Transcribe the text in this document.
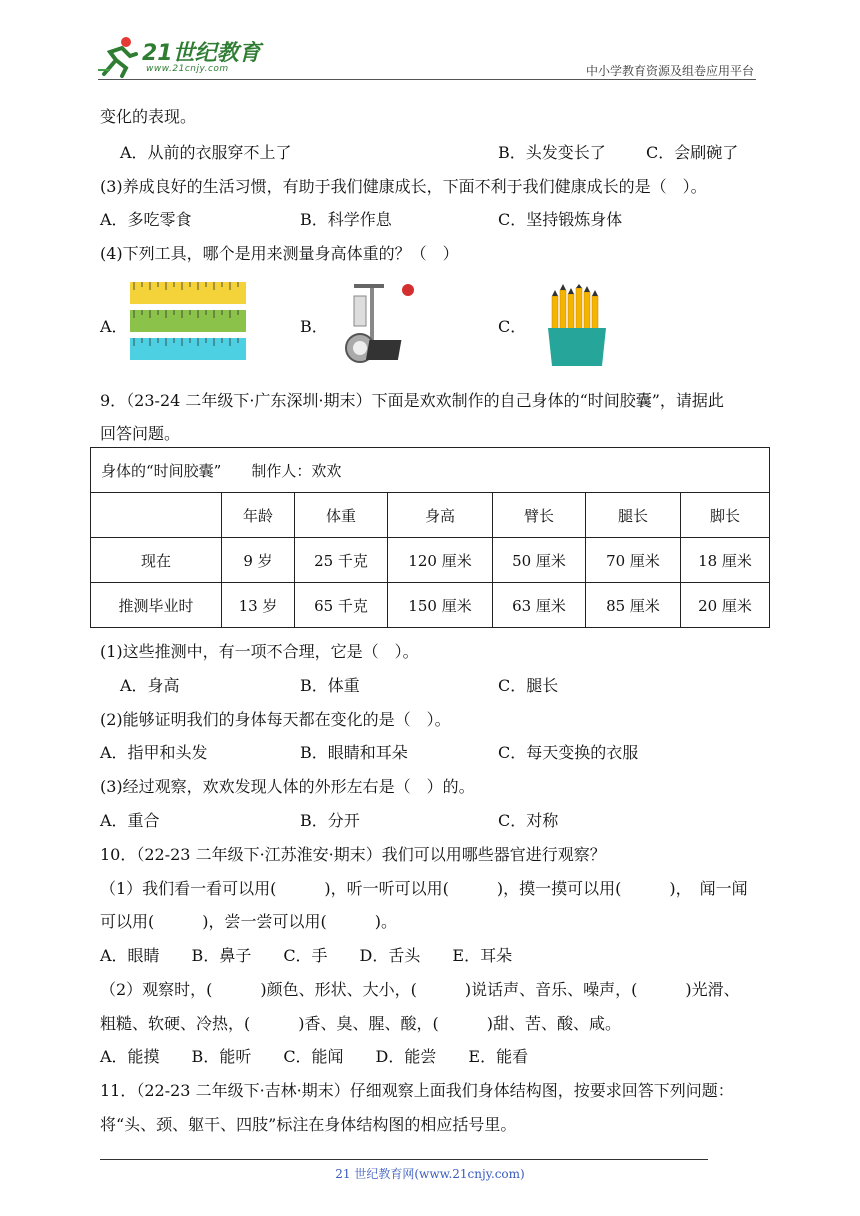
21世纪教育
www.21cnjy.com	中小学教育资源及组卷应用平台
变化的表现。
A．从前的衣服穿不上了	B．头发变长了	C．会刷碗了
(3)养成良好的生活习惯，有助于我们健康成长，下面不利于我们健康成长的是（　）。
A．多吃零食	B．科学作息	C．坚持锻炼身体
(4)下列工具，哪个是用来测量身高体重的？（　）
A．	B．	C．
9．（23-24 二年级下·广东深圳·期末）下面是欢欢制作的自己身体的“时间胶囊”，请据此
回答问题。
身体的“时间胶囊”　　制作人：欢欢						
	年龄	体重	身高	臂长	腿长	脚长
现在	9 岁	25 千克	120 厘米	50 厘米	70 厘米	18 厘米
推测毕业时	13 岁	65 千克	150 厘米	63 厘米	85 厘米	20 厘米
(1)这些推测中，有一项不合理，它是（　）。
A．身高	B．体重	C．腿长
(2)能够证明我们的身体每天都在变化的是（　）。
A．指甲和头发	B．眼睛和耳朵	C．每天变换的衣服
(3)经过观察，欢欢发现人体的外形左右是（　）的。
A．重合	B．分开	C．对称
10．（22-23 二年级下·江苏淮安·期末）我们可以用哪些器官进行观察？
（1）我们看一看可以用(　　　)，听一听可以用(　　　)，摸一摸可以用(　　　)，　闻一闻
可以用(　　　)，尝一尝可以用(　　　)。
A．眼睛　　B．鼻子　　C．手　　D．舌头　　E．耳朵
（2）观察时，(　　　)颜色、形状、大小，(　　　)说话声、音乐、噪声，(　　　)光滑、
粗糙、软硬、冷热，(　　　)香、臭、腥、酸，(　　　)甜、苦、酸、咸。
A．能摸　　B．能听　　C．能闻　　D．能尝　　E．能看
11．（22-23 二年级下·吉林·期末）仔细观察上面我们身体结构图，按要求回答下列问题：
将“头、颈、躯干、四肢”标注在身体结构图的相应括号里。
21 世纪教育网(www.21cnjy.com)
